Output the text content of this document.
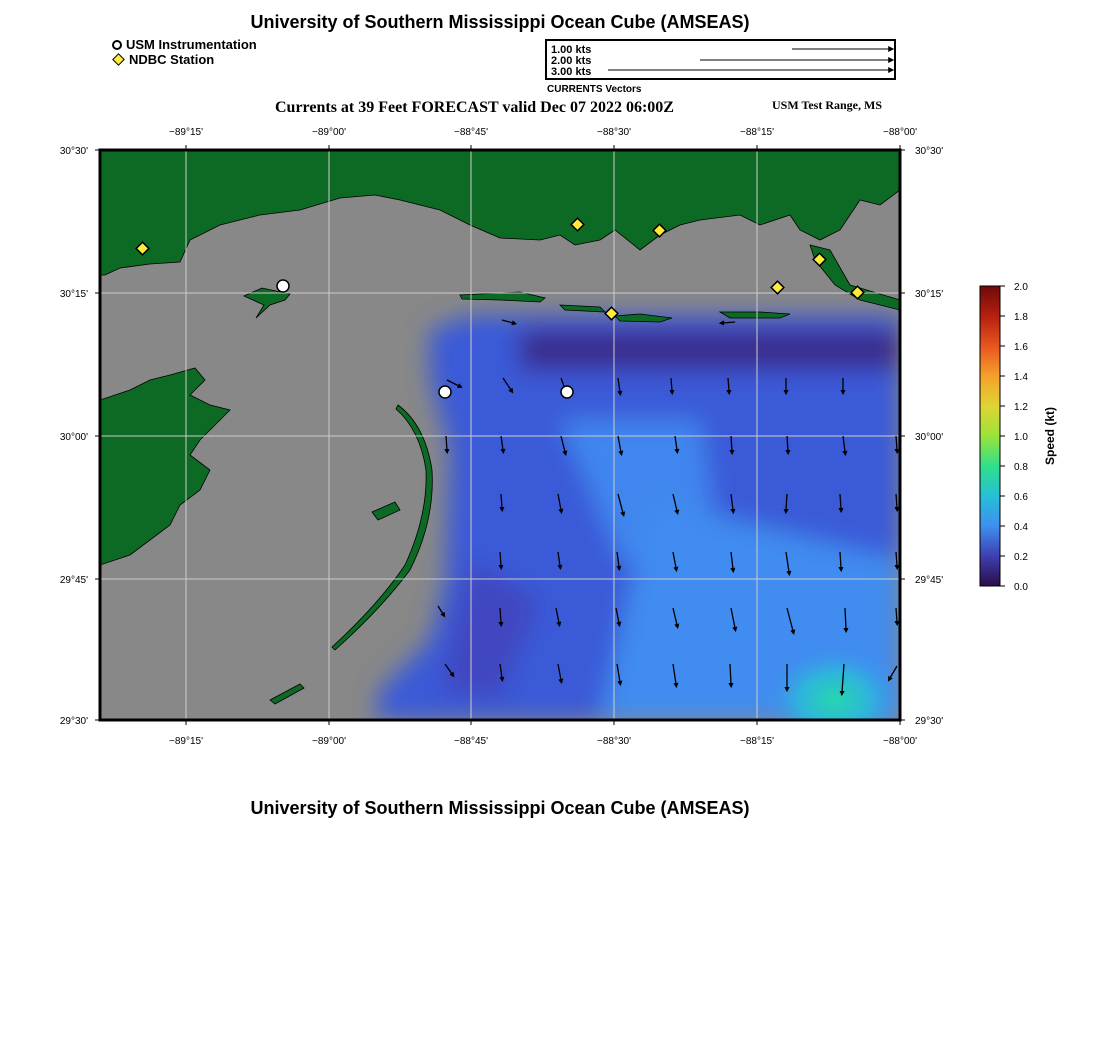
University of Southern Mississippi Ocean Cube (AMSEAS)
USM Instrumentation
NDBC Station
1.00 kts
2.00 kts
3.00 kts
−89°15'	−89°00'	−88°45'	−88°30'	−88°15'	−88°00'
−89°15'	−89°00'	−88°45'	−88°30'	−88°15'	−88°00'
30°30'
30°15'
30°00'
29°45'
29°30'
30°30'
30°15'
30°00'
29°45'
29°30'
2.0
1.8
1.6
1.4
1.2
1.0
0.8
0.6
0.4
0.2
0.0
Speed (kt)
CURRENTS Vectors
Currents at 39 Feet FORECAST valid Dec 07 2022 06:00Z	USM Test Range, MS
University of Southern Mississippi Ocean Cube (AMSEAS)
